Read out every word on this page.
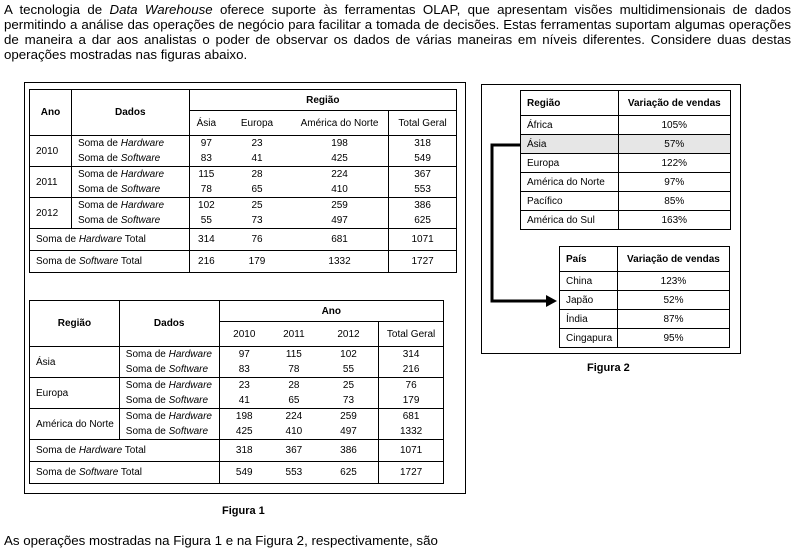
A tecnologia de Data Warehouse oferece suporte às ferramentas OLAP, que apresentam visões multidimensionais de dados permitindo a análise das operações de negócio para facilitar a tomada de decisões. Estas ferramentas suportam algumas operações de maneira a dar aos analistas o poder de observar os dados de várias maneiras em níveis diferentes. Considere duas destas operações mostradas nas figuras abaixo.

Ano	Dados	Região			
		Ásia	Europa	América do Norte	Total Geral
2010	Soma de Hardware	97	23	198	318
	Soma de Software	83	41	425	549
2011	Soma de Hardware	115	28	224	367
	Soma de Software	78	65	410	553
2012	Soma de Hardware	102	25	259	386
	Soma de Software	55	73	497	625
Soma de Hardware Total		314	76	681	1071
Soma de Software Total		216	179	1332	1727
Região	Dados	Ano			
		2010	2011	2012	Total Geral
Ásia	Soma de Hardware	97	115	102	314
	Soma de Software	83	78	55	216
Europa	Soma de Hardware	23	28	25	76
	Soma de Software	41	65	73	179
América do Norte	Soma de Hardware	198	224	259	681
	Soma de Software	425	410	497	1332
Soma de Hardware Total		318	367	386	1071
Soma de Software Total		549	553	625	1727
Figura 1
Região	Variação de vendas
África	105%
Ásia	57%
Europa	122%
América do Norte	97%
Pacífico	85%
América do Sul	163%
País	Variação de vendas
China	123%
Japão	52%
Índia	87%
Cingapura	95%
Figura 2
As operações mostradas na Figura 1 e na Figura 2, respectivamente, são
